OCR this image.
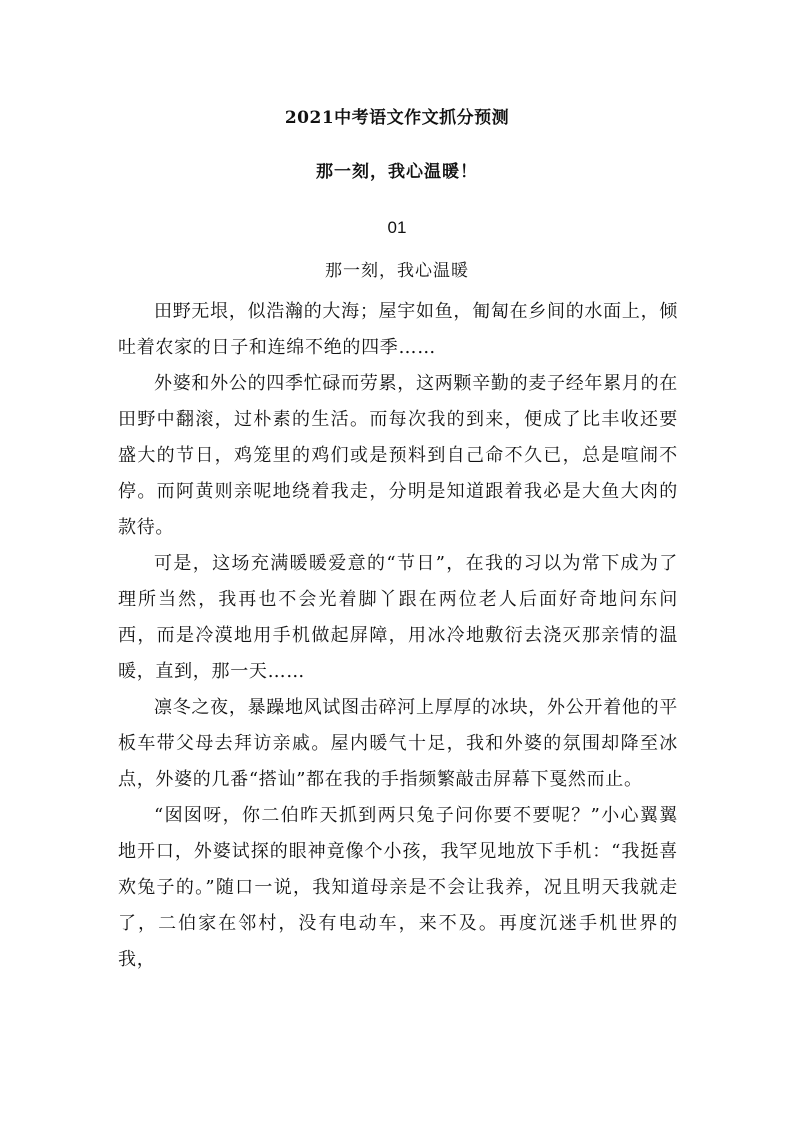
2021中考语文作文抓分预测
那一刻，我心温暖！
01
那一刻，我心温暖

田野无垠，似浩瀚的大海；屋宇如鱼，匍匐在乡间的水面上，倾吐着农家的日子和连绵不绝的四季……

外婆和外公的四季忙碌而劳累，这两颗辛勤的麦子经年累月的在田野中翻滚，过朴素的生活。而每次我的到来，便成了比丰收还要盛大的节日，鸡笼里的鸡们或是预料到自己命不久已，总是喧闹不停。而阿黄则亲呢地绕着我走，分明是知道跟着我必是大鱼大肉的款待。

可是，这场充满暖暖爱意的“节日”，在我的习以为常下成为了理所当然，我再也不会光着脚丫跟在两位老人后面好奇地问东问西，而是冷漠地用手机做起屏障，用冰冷地敷衍去浇灭那亲情的温暖，直到，那一天……

凛冬之夜，暴躁地风试图击碎河上厚厚的冰块，外公开着他的平板车带父母去拜访亲戚。屋内暖气十足，我和外婆的氛围却降至冰点，外婆的几番“搭讪”都在我的手指频繁敲击屏幕下戛然而止。

“囡囡呀，你二伯昨天抓到两只兔子问你要不要呢？”小心翼翼地开口，外婆试探的眼神竟像个小孩，我罕见地放下手机：“我挺喜欢兔子的。”随口一说，我知道母亲是不会让我养，况且明天我就走了，二伯家在邻村，没有电动车，来不及。再度沉迷手机世界的我，
